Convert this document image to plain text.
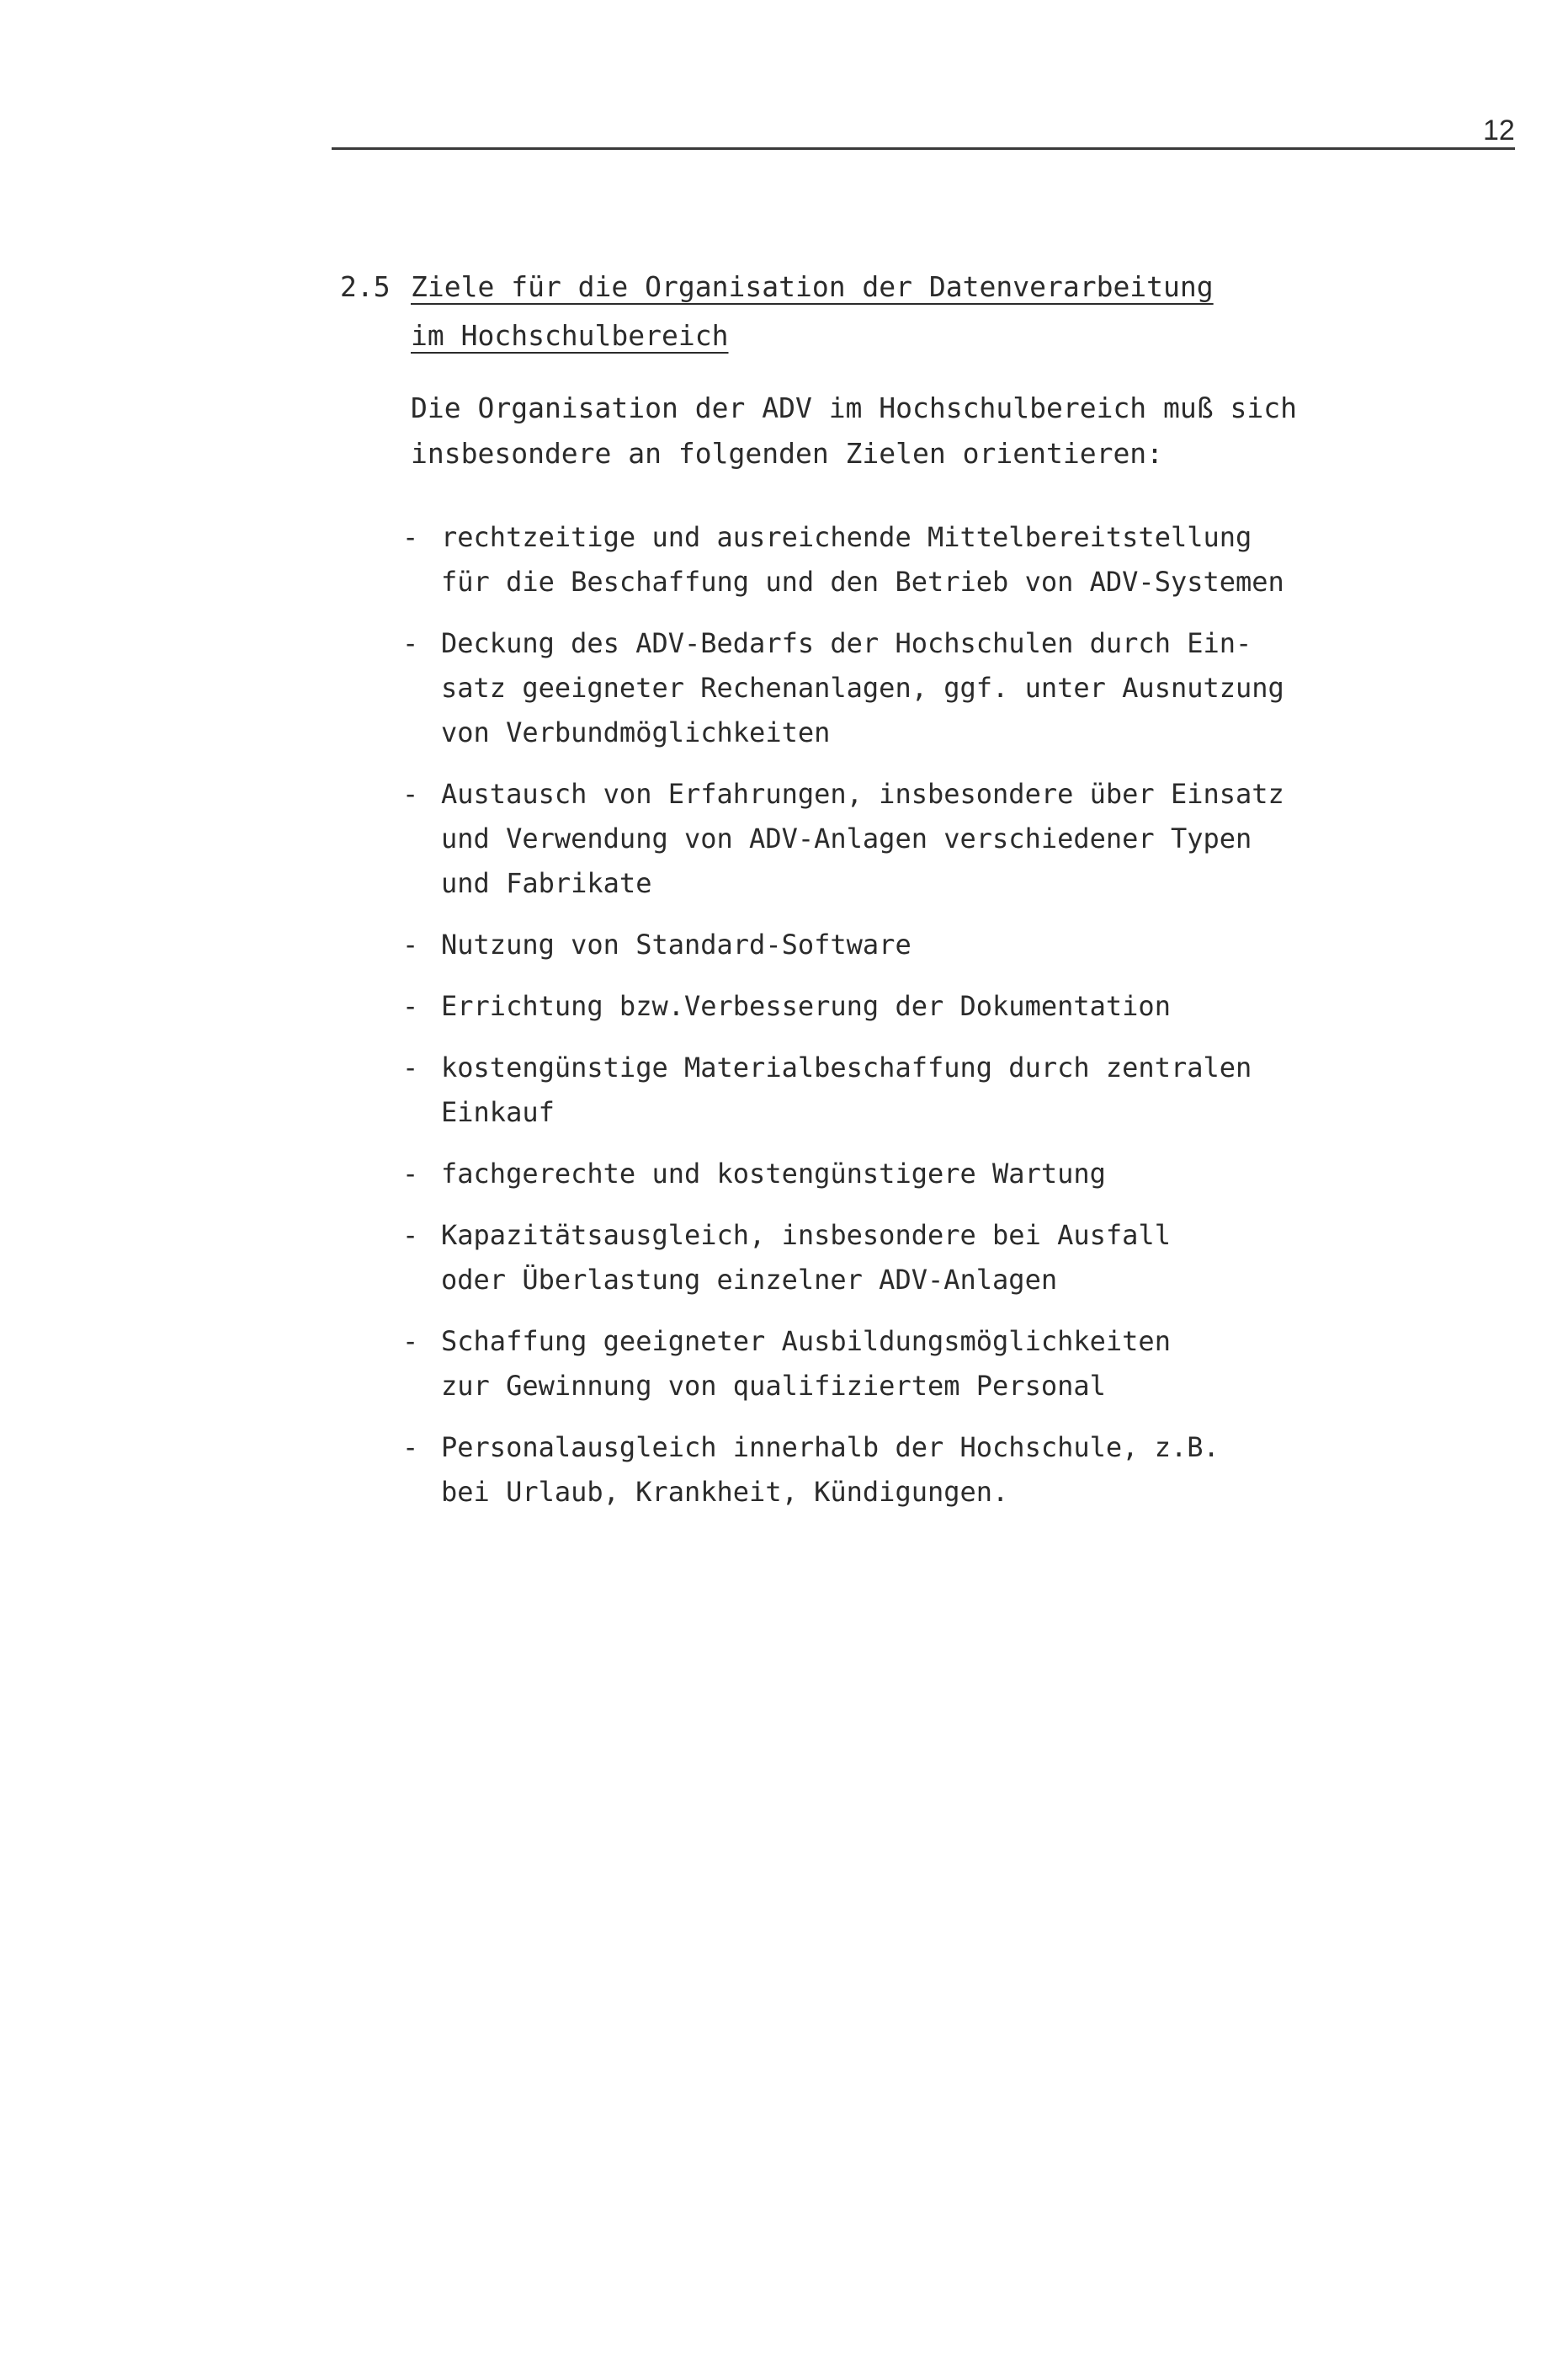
12
2.5 Ziele für die Organisation der Datenverarbeitung
im Hochschulbereich
Die Organisation der ADV im Hochschulbereich muß sich
insbesondere an folgenden Zielen orientieren:
- rechtzeitige und ausreichende Mittelbereitstellung
für die Beschaffung und den Betrieb von ADV-Systemen
- Deckung des ADV-Bedarfs der Hochschulen durch Ein-
satz geeigneter Rechenanlagen, ggf. unter Ausnutzung
von Verbundmöglichkeiten
- Austausch von Erfahrungen, insbesondere über Einsatz
und Verwendung von ADV-Anlagen verschiedener Typen
und Fabrikate
- Nutzung von Standard-Software
- Errichtung bzw.Verbesserung der Dokumentation
- kostengünstige Materialbeschaffung durch zentralen
Einkauf
- fachgerechte und kostengünstigere Wartung
- Kapazitätsausgleich, insbesondere bei Ausfall
oder Überlastung einzelner ADV-Anlagen
- Schaffung geeigneter Ausbildungsmöglichkeiten
zur Gewinnung von qualifiziertem Personal
- Personalausgleich innerhalb der Hochschule, z.B.
bei Urlaub, Krankheit, Kündigungen.
